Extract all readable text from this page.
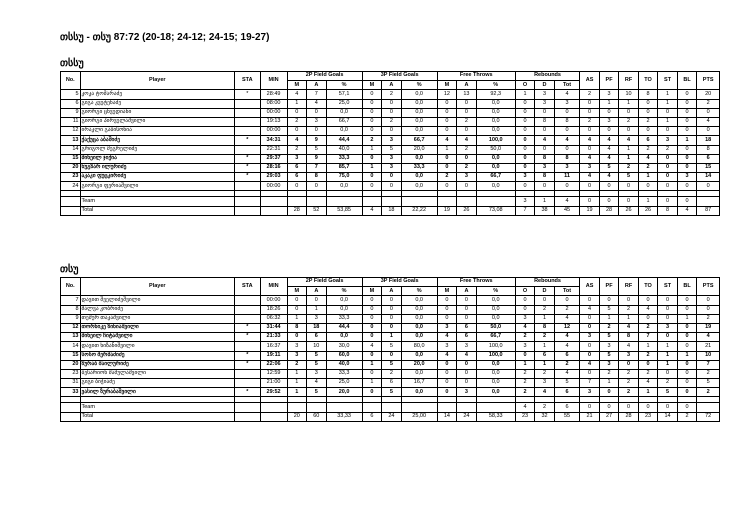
თსსუ - თსუ 87:72 (20-18; 24-12; 24-15; 19-27)
თსსუ
No.	Player	STA	MIN	2P Field Goals			3P Field Goals			Free Throws			Rebounds			AS	PF	RF	TO	ST	BL	PTS
				M	A	%	M	A	%	M	A	%	O	D	Tot							
5	კოკა ტომარაძე	*	28:49	4	7	57,1	0	2	0,0	12	13	92,3	1	3	4	2	3	10	8	1	0	20
6	გიგა კვეტენაძე		08:00	1	4	25,0	0	0	0,0	0	0	0,0	0	3	3	0	1	1	0	1	0	2
9	გიორგი ცხვედიანი		00:00	0	0	0,0	0	0	0,0	0	0	0,0	0	0	0	0	0	0	0	0	0	0
11	გიორგი პირველაშვილი		19:13	2	3	66,7	0	2	0,0	0	2	0,0	0	8	8	2	3	2	2	1	0	4
12	ირაკლი გაბისონია		00:00	0	0	0,0	0	0	0,0	0	0	0,0	0	0	0	0	0	0	0	0	0	0
13	ქაქუცა აბაშიძე	*	34:31	4	9	44,4	2	3	66,7	4	4	100,0	0	4	4	4	4	4	6	3	1	18
14	გრიგოლ მეგრელიძე		22:31	2	5	40,0	1	5	20,0	1	2	50,0	0	0	0	0	4	1	2	2	0	8
15	მიხეილ ჯიქია	*	29:37	3	9	33,3	0	3	0,0	0	0	0,0	0	8	8	4	4	1	4	0	0	6
20	ნუგზარ ილურიძე	*	28:16	6	7	85,7	1	3	33,3	0	2	0,0	0	3	3	3	5	2	2	0	0	15
23	აკაკი ფუცკირიძე	*	29:03	6	8	75,0	0	0	0,0	2	3	66,7	3	8	11	4	4	5	1	0	3	14
24	გიორგი ფერიაშვილი		00:00	0	0	0,0	0	0	0,0	0	0	0,0	0	0	0	0	0	0	0	0	0	0

	Team												3	1	4	0	0	0	1	0	0	
	Total			28	52	53,85	4	18	22,22	19	26	73,08	7	38	45	19	28	26	26	8	4	87
თსუ
No.	Player	STA	MIN	2P Field Goals			3P Field Goals			Free Throws			Rebounds			AS	PF	RF	TO	ST	BL	PTS
				M	A	%	M	A	%	M	A	%	O	D	Tot							
7	დავით შველიძეშვილი		00:00	0	0	0,0	0	0	0,0	0	0	0,0	0	0	0	0	0	0	0	0	0	0
8	შალვა კობრიძე		18:26	0	1	0,0	0	0	0,0	0	0	0,0	0	2	2	4	5	2	4	0	0	0
9	თემურ თაკაშვილი		06:32	1	3	33,3	0	0	0,0	0	0	0,0	3	1	4	0	1	1	0	0	1	2
12	თორნიკე ზინიაშვილი	*	31:44	8	18	44,4	0	0	0,0	3	6	50,0	4	8	12	0	2	4	2	3	0	19
13	მიხეილ ჩიტაშვილი	*	21:33	0	6	0,0	0	1	0,0	4	6	66,7	2	2	4	3	5	8	7	0	0	4
14	დავით ხიზანიშვილი		16:37	3	10	30,0	4	5	80,0	3	3	100,0	3	1	4	0	3	4	1	1	0	21
15	სოსო შერმაძიძე	*	19:11	3	5	60,0	0	0	0,0	4	4	100,0	0	6	6	0	5	3	2	1	1	10
20	ზურაბ შაილურიძე	*	22:06	2	5	40,0	1	5	20,0	0	0	0,0	1	1	2	4	3	0	0	1	0	7
23	ბესარიონ მამულაშვილი		12:59	1	3	33,3	0	2	0,0	0	0	0,0	2	2	4	0	2	2	2	0	0	2
31	გიგი ბიჭიაძე		21:00	1	4	25,0	1	6	16,7	0	0	0,0	2	3	5	7	1	2	4	2	0	5
33	ვასილ ზურაბაშვილი	*	29:52	1	5	20,0	0	5	0,0	0	3	0,0	2	4	6	3	0	2	1	5	0	2

	Team												4	2	6	0	0	0	0	0	0	
	Total			20	60	33,33	6	24	25,00	14	24	58,33	23	32	55	21	27	28	23	14	2	72
